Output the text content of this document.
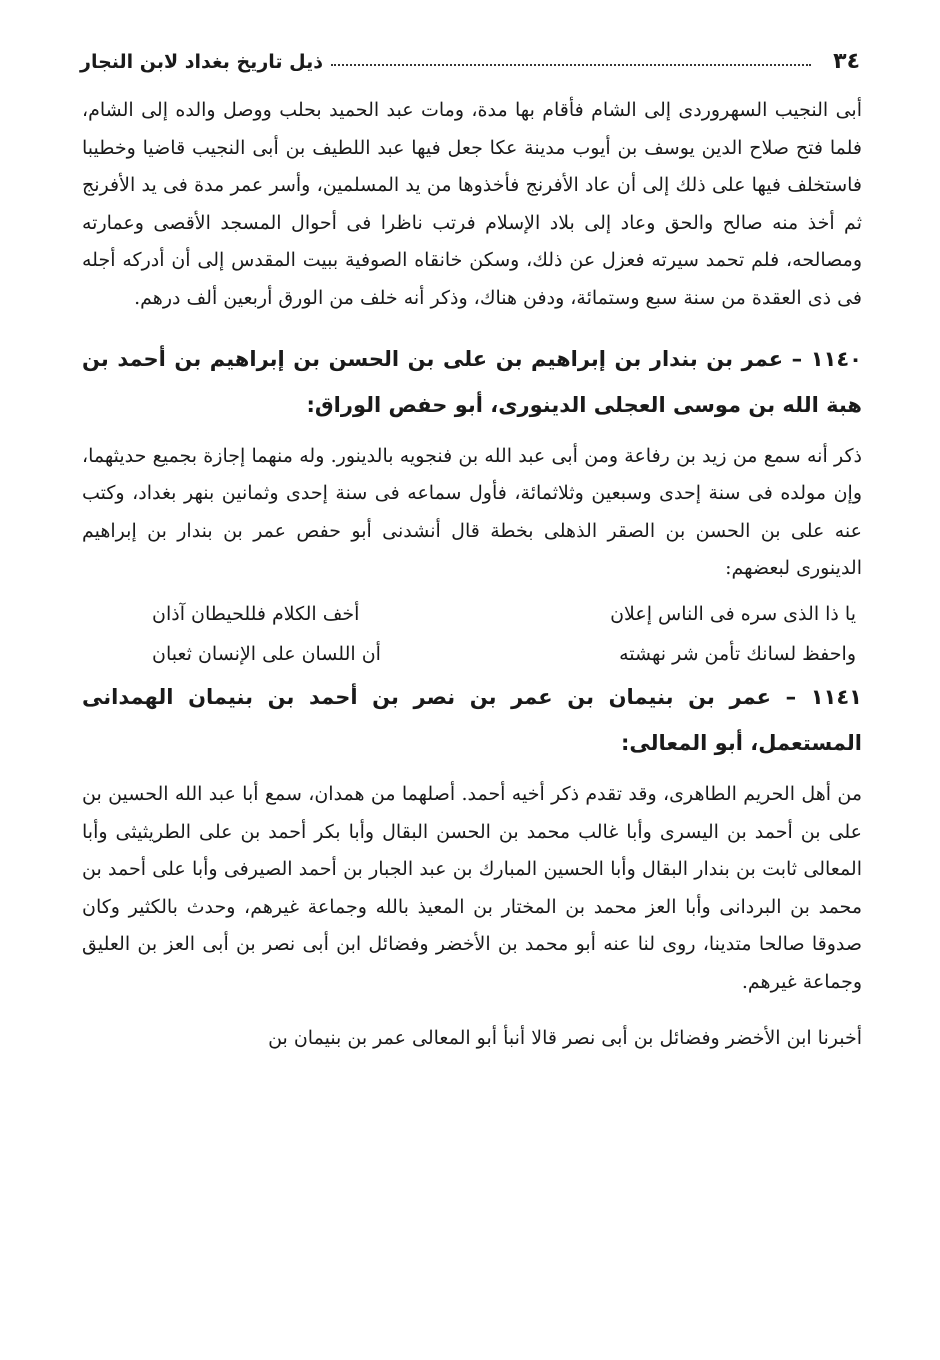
٣٤
ذيل تاريخ بغداد لابن النجار

أبى النجيب السهروردى إلى الشام فأقام بها مدة، ومات عبد الحميد بحلب ووصل والده إلى الشام، فلما فتح صلاح الدين يوسف بن أيوب مدينة عكا جعل فيها عبد اللطيف بن أبى النجيب قاضيا وخطيبا فاستخلف فيها على ذلك إلى أن عاد الأفرنج فأخذوها من يد المسلمين، وأسر عمر مدة فى يد الأفرنج ثم أخذ منه صالح والحق وعاد إلى بلاد الإسلام فرتب ناظرا فى أحوال المسجد الأقصى وعمارته ومصالحه، فلم تحمد سيرته فعزل عن ذلك، وسكن خانقاه الصوفية ببيت المقدس إلى أن أدركه أجله فى ذى العقدة من سنة سبع وستمائة، ودفن هناك، وذكر أنه خلف من الورق أربعين ألف درهم.

١١٤٠ – عمر بن بندار بن إبراهيم بن على بن الحسن بن إبراهيم بن أحمد بن هبة الله بن موسى العجلى الدينورى، أبو حفص الوراق:

ذكر أنه سمع من زيد بن رفاعة ومن أبى عبد الله بن فنجويه بالدينور. وله منهما إجازة بجميع حديثهما، وإن مولده فى سنة إحدى وسبعين وثلاثمائة، فأول سماعه فى سنة إحدى وثمانين بنهر بغداد، وكتب عنه على بن الحسن بن الصقر الذهلى بخطة قال أنشدنى أبو حفص عمر بن بندار بن إبراهيم الدينورى لبعضهم:

يا ذا الذى سره فى الناس إعلان
أخف الكلام فللحيطان آذان
واحفظ لسانك تأمن شر نهشته
أن اللسان على الإنسان ثعبان

١١٤١ – عمر بن بنيمان بن عمر بن نصر بن أحمد بن بنيمان الهمدانى المستعمل، أبو المعالى:

من أهل الحريم الطاهرى، وقد تقدم ذكر أخيه أحمد. أصلهما من همدان، سمع أبا عبد الله الحسين بن على بن أحمد بن اليسرى وأبا غالب محمد بن الحسن البقال وأبا بكر أحمد بن على الطريثيثى وأبا المعالى ثابت بن بندار البقال وأبا الحسين المبارك بن عبد الجبار بن أحمد الصيرفى وأبا على أحمد بن محمد بن البردانى وأبا العز محمد بن المختار بن المعيذ بالله وجماعة غيرهم، وحدث بالكثير وكان صدوقا صالحا متدينا، روى لنا عنه أبو محمد بن الأخضر وفضائل ابن أبى نصر بن أبى العز بن العليق وجماعة غيرهم.

أخبرنا ابن الأخضر وفضائل بن أبى نصر قالا أنبأ أبو المعالى عمر بن بنيمان بن
